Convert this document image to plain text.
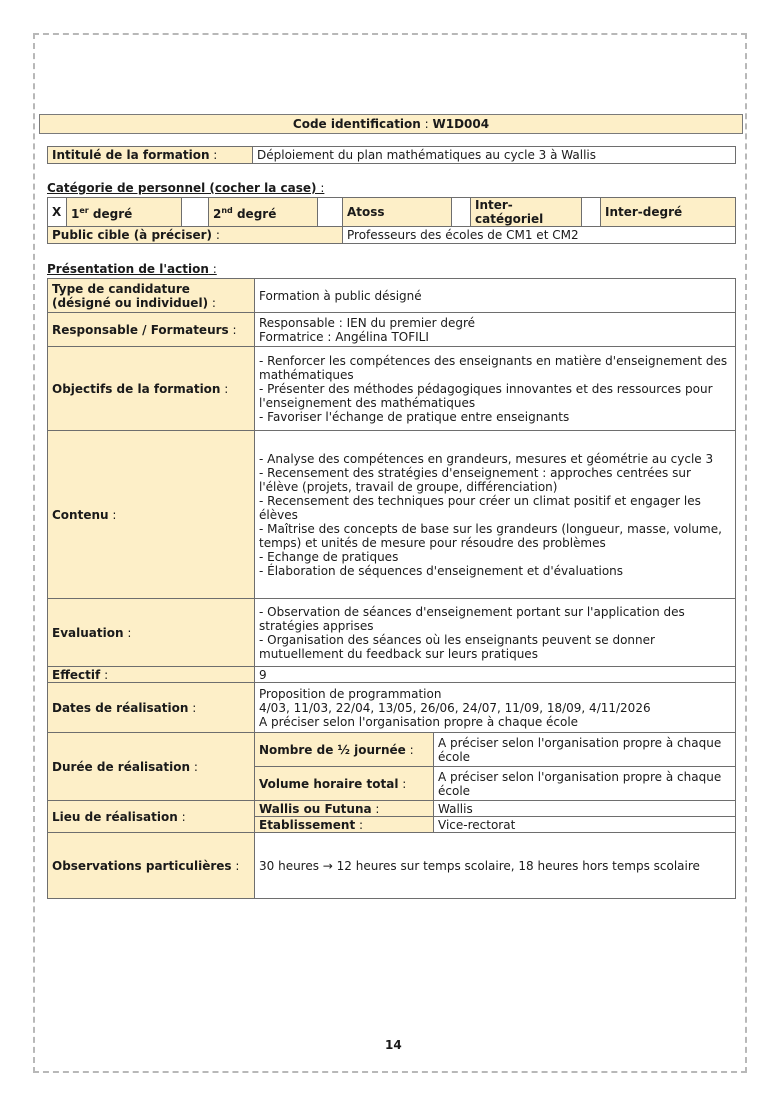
Code identification : W1D004
Intitulé de la formation :	Déploiement du plan mathématiques au cycle 3 à Wallis
Catégorie de personnel (cocher la case) :
X	1er degré		2nd degré		Atoss		Inter-catégoriel		Inter-degré
Public cible (à préciser) :					Professeurs des écoles de CM1 et CM2				
Présentation de l'action :
Type de candidature (désigné ou individuel) :	Formation à public désigné	
Responsable / Formateurs :	Responsable : IEN du premier degré
Formatrice : Angélina TOFILI	

Objectifs de la formation :	- Renforcer les compétences des enseignants en matière d'enseignement des mathématiques
- Présenter des méthodes pédagogiques innovantes et des ressources pour l'enseignement des mathématiques
- Favoriser l'échange de pratique entre enseignants	

Contenu :	
- Analyse des compétences en grandeurs, mesures et géométrie au cycle 3
- Recensement des stratégies d'enseignement : approches centrées sur l'élève (projets, travail de groupe, différenciation)
- Recensement des techniques pour créer un climat positif et engager les élèves
- Maîtrise des concepts de base sur les grandeurs (longueur, masse, volume, temps) et unités de mesure pour résoudre des problèmes
- Echange de pratiques
- Élaboration de séquences d'enseignement et d'évaluations

Evaluation :	- Observation de séances d'enseignement portant sur l'application des stratégies apprises
- Organisation des séances où les enseignants peuvent se donner mutuellement du feedback sur leurs pratiques	

Effectif :	9	
Dates de réalisation :	Proposition de programmation
4/03, 11/03, 22/04, 13/05, 26/06, 24/07, 11/09, 18/09, 4/11/2026
A préciser selon l'organisation propre à chaque école	

Durée de réalisation :	Nombre de ½ journée :	A préciser selon l'organisation propre à chaque école
	Volume horaire total :	A préciser selon l'organisation propre à chaque école
Lieu de réalisation :	Wallis ou Futuna :	Wallis
	Etablissement :	Vice-rectorat
Observations particulières :	30 heures → 12 heures sur temps scolaire, 18 heures hors temps scolaire	
14
